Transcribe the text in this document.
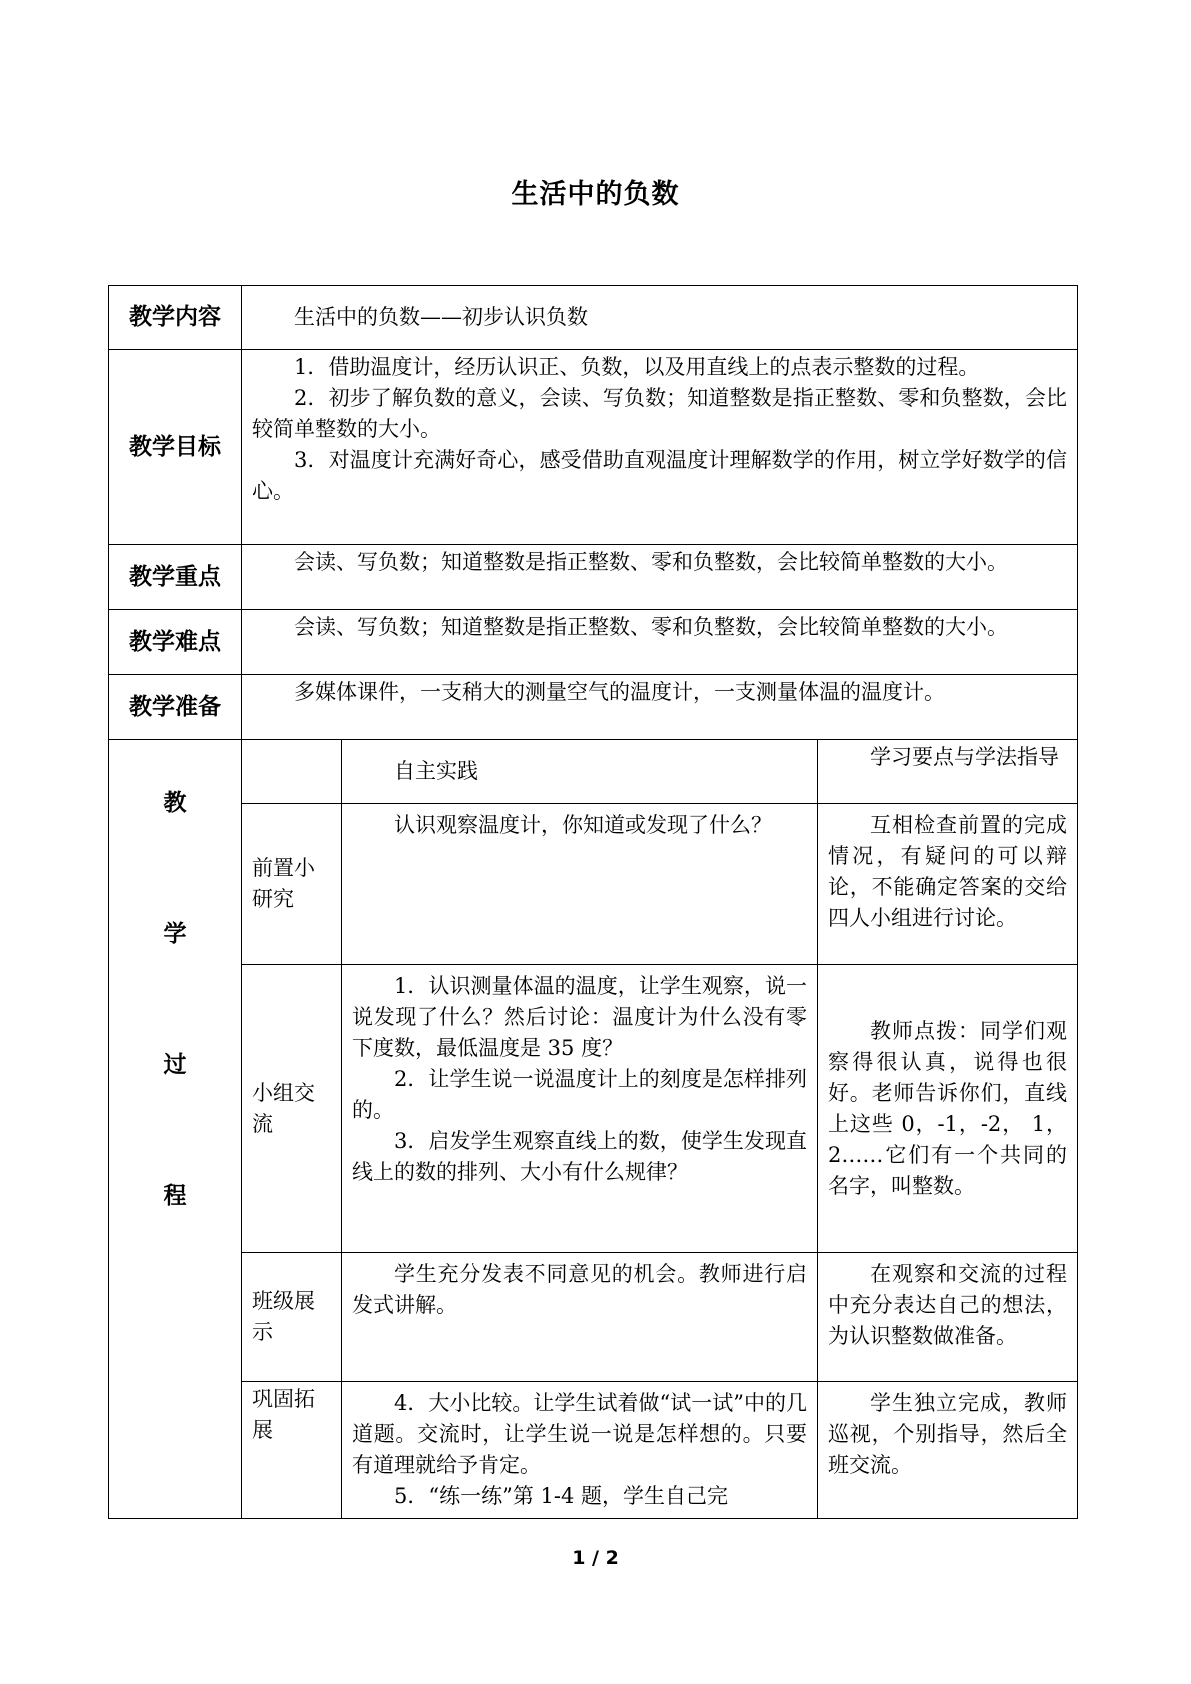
生活中的负数
教学内容	生活中的负数——初步认识负数		

教学目标	1．借助温度计，经历认识正、负数，以及用直线上的点表示整数的过程。

2．初步了解负数的意义，会读、写负数；知道整数是指正整数、零和负整数，会比较简单整数的大小。

3．对温度计充满好奇心，感受借助直观温度计理解数学的作用，树立学好数学的信心。		

教学重点	会读、写负数；知道整数是指正整数、零和负整数，会比较简单整数的大小。		

教学难点	会读、写负数；知道整数是指正整数、零和负整数，会比较简单整数的大小。		

教学准备	多媒体课件，一支稍大的测量空气的温度计，一支测量体温的温度计。		

教
学
过
程		自主实践	学习要点与学法指导

	前置小研究	认识观察温度计，你知道或发现了什么？	互相检查前置的完成情况，有疑问的可以辩论，不能确定答案的交给四人小组进行讨论。

	小组交流	1．认识测量体温的温度，让学生观察，说一说发现了什么？然后讨论：温度计为什么没有零下度数，最低温度是 35 度？

2．让学生说一说温度计上的刻度是怎样排列的。

3．启发学生观察直线上的数，使学生发现直线上的数的排列、大小有什么规律？	教师点拨：同学们观察得很认真，说得也很好。老师告诉你们，直线上这些 0，-1，-2， 1，2……它们有一个共同的名字，叫整数。

	班级展示	学生充分发表不同意见的机会。教师进行启发式讲解。	在观察和交流的过程中充分表达自己的想法，为认识整数做准备。

	巩固拓展	4．大小比较。让学生试着做“试一试”中的几道题。交流时，让学生说一说是怎样想的。只要有道理就给予肯定。

5．“练一练”第 1-4 题，学生自己完	学生独立完成，教师巡视，个别指导，然后全班交流。

1 / 2
